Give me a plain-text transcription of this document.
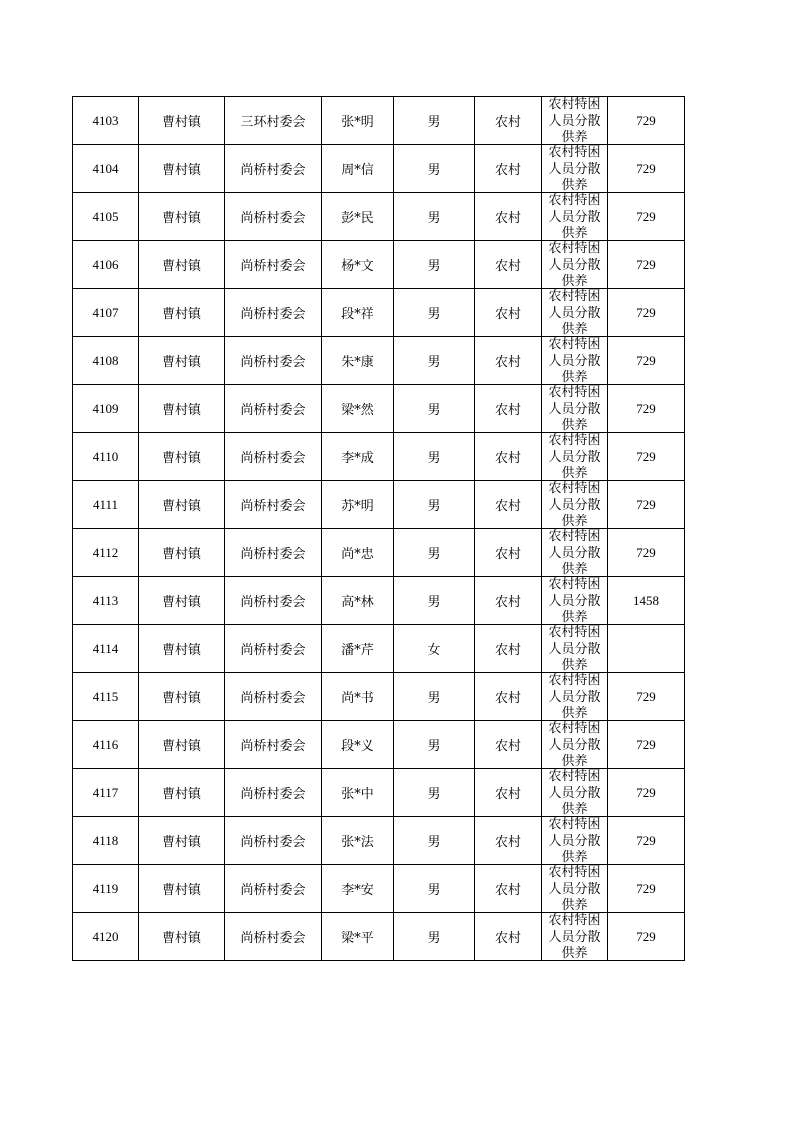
4103	曹村镇	三环村委会	张*明	男	农村	农村特困人员分散供养	729
4104	曹村镇	尚桥村委会	周*信	男	农村	农村特困人员分散供养	729
4105	曹村镇	尚桥村委会	彭*民	男	农村	农村特困人员分散供养	729
4106	曹村镇	尚桥村委会	杨*文	男	农村	农村特困人员分散供养	729
4107	曹村镇	尚桥村委会	段*祥	男	农村	农村特困人员分散供养	729
4108	曹村镇	尚桥村委会	朱*康	男	农村	农村特困人员分散供养	729
4109	曹村镇	尚桥村委会	梁*然	男	农村	农村特困人员分散供养	729
4110	曹村镇	尚桥村委会	李*成	男	农村	农村特困人员分散供养	729
4111	曹村镇	尚桥村委会	苏*明	男	农村	农村特困人员分散供养	729
4112	曹村镇	尚桥村委会	尚*忠	男	农村	农村特困人员分散供养	729
4113	曹村镇	尚桥村委会	高*林	男	农村	农村特困人员分散供养	1458
4114	曹村镇	尚桥村委会	潘*芹	女	农村	农村特困人员分散供养	

4115	曹村镇	尚桥村委会	尚*书	男	农村	农村特困人员分散供养	729
4116	曹村镇	尚桥村委会	段*义	男	农村	农村特困人员分散供养	729
4117	曹村镇	尚桥村委会	张*中	男	农村	农村特困人员分散供养	729
4118	曹村镇	尚桥村委会	张*法	男	农村	农村特困人员分散供养	729
4119	曹村镇	尚桥村委会	李*安	男	农村	农村特困人员分散供养	729
4120	曹村镇	尚桥村委会	梁*平	男	农村	农村特困人员分散供养	729
